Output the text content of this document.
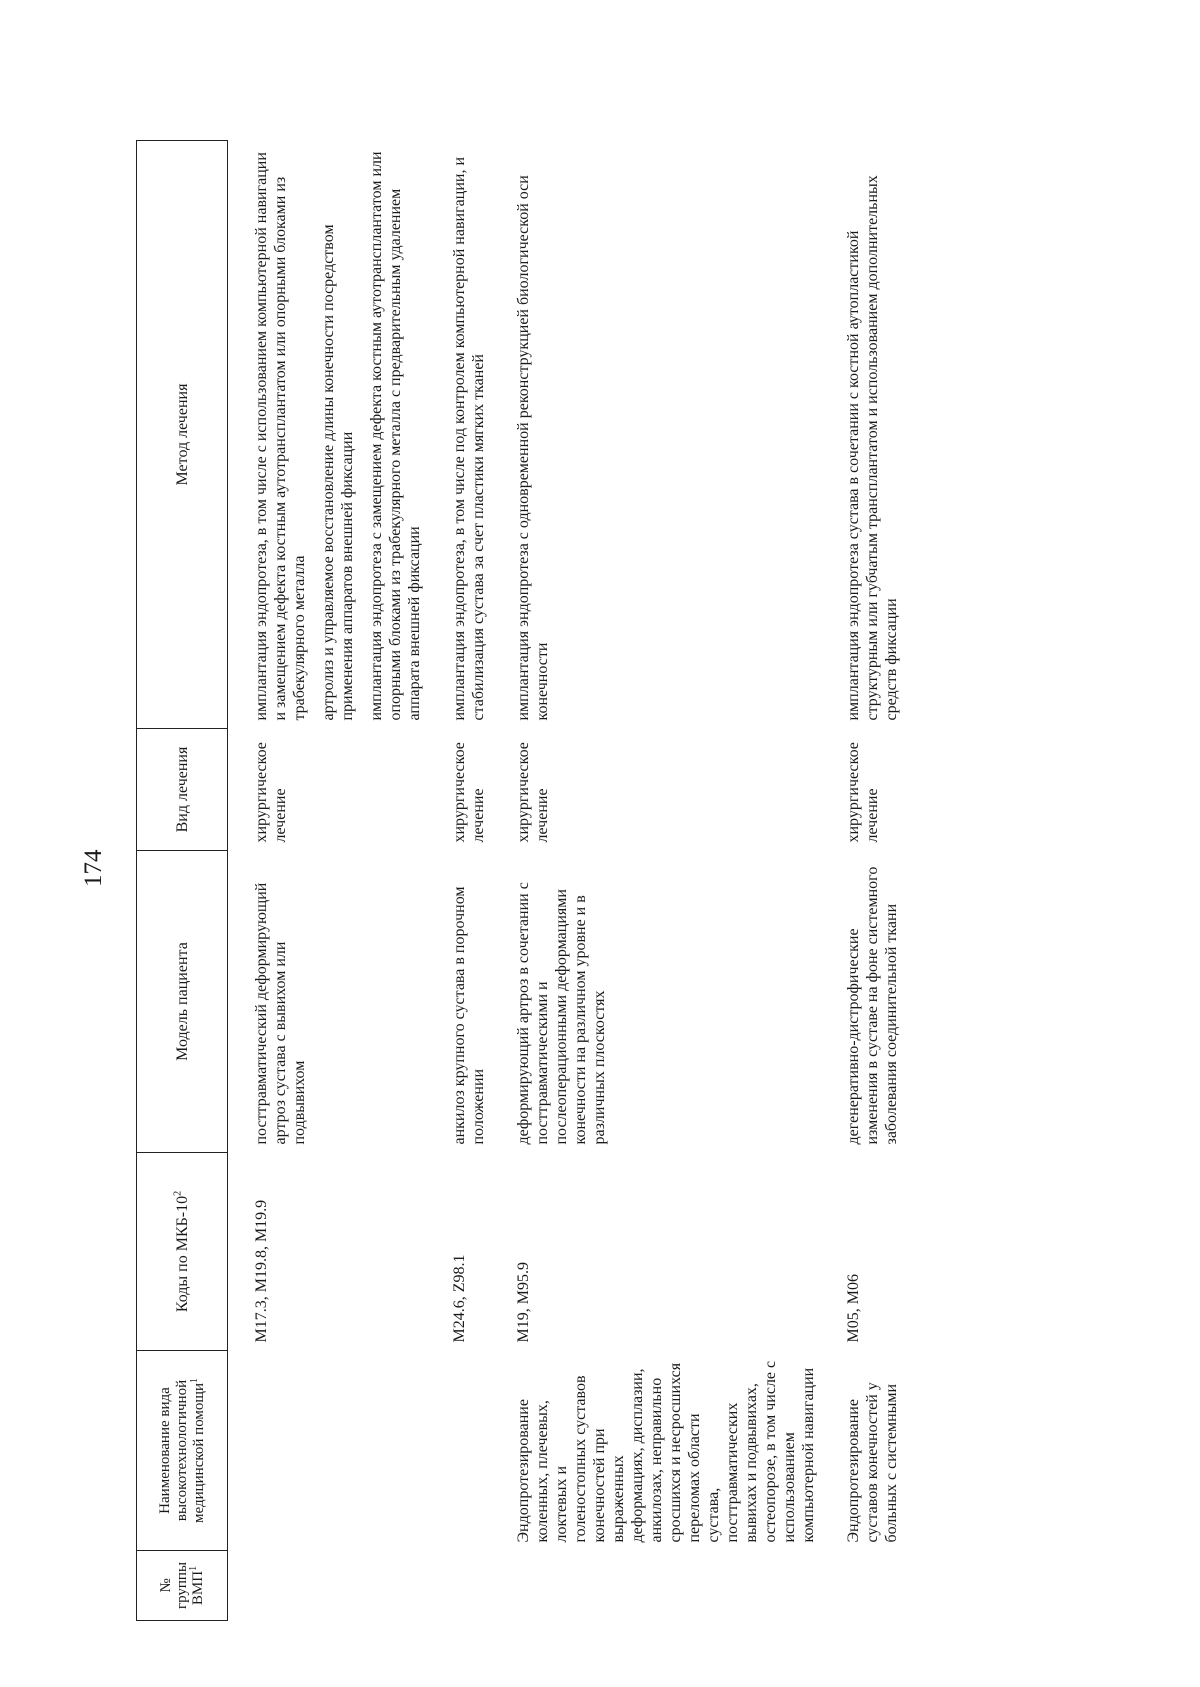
174
№ группы ВМП$^1$	Наименование вида высокотехнологичной медицинской помощи$^1$	Коды по МКБ-$10^2$	Модель пациента	Вид лечения	Метод лечения

		M17.3, M19.8, M19.9	посттравматический деформирующий артроз сустава с вывихом или подвывихом	хирургическое лечение	имплантация эндопротеза, в том числе с использованием компьютерной навигации и замещением дефекта костным аутотрансплантатом или опорными блоками из трабекулярного металла артролиз и управляемое восстановление длины конечности посредством применения аппаратов внешней фиксации имплантация эндопротеза с замещением дефекта костным аутотрансплантатом или опорными блоками из трабекулярного металла с предварительным удалением аппарата внешней фиксации

		M24.6, Z98.1	анкилоз крупного сустава в порочном положении	хирургическое лечение	имплантация эндопротеза, в том числе под контролем компьютерной навигации, и стабилизация сустава за счет пластики мягких тканей

	Эндопротезирование коленных, плечевых, локтевых и голеностопных суставов конечностей при выраженных деформациях, дисплазии, анкилозах, неправильно сросшихся и несросшихся переломах области сустава, посттравматических вывихах и подвывихах, остеопорозе, в том числе с использованием компьютерной навигации	M19, M95.9	деформирующий артроз в сочетании с посттравматическими и послеоперационными деформациями конечности на различном уровне и в различных плоскостях	хирургическое лечение	имплантация эндопротеза с одновременной реконструкцией биологической оси конечности

	Эндопротезирование суставов конечностей у больных с системными	M05, M06	дегенеративно-дистрофические изменения в суставе на фоне системного заболевания соединительной ткани	хирургическое лечение	имплантация эндопротеза сустава в сочетании с костной аутопластикой структурным или губчатым трансплантатом и использованием дополнительных средств фиксации
